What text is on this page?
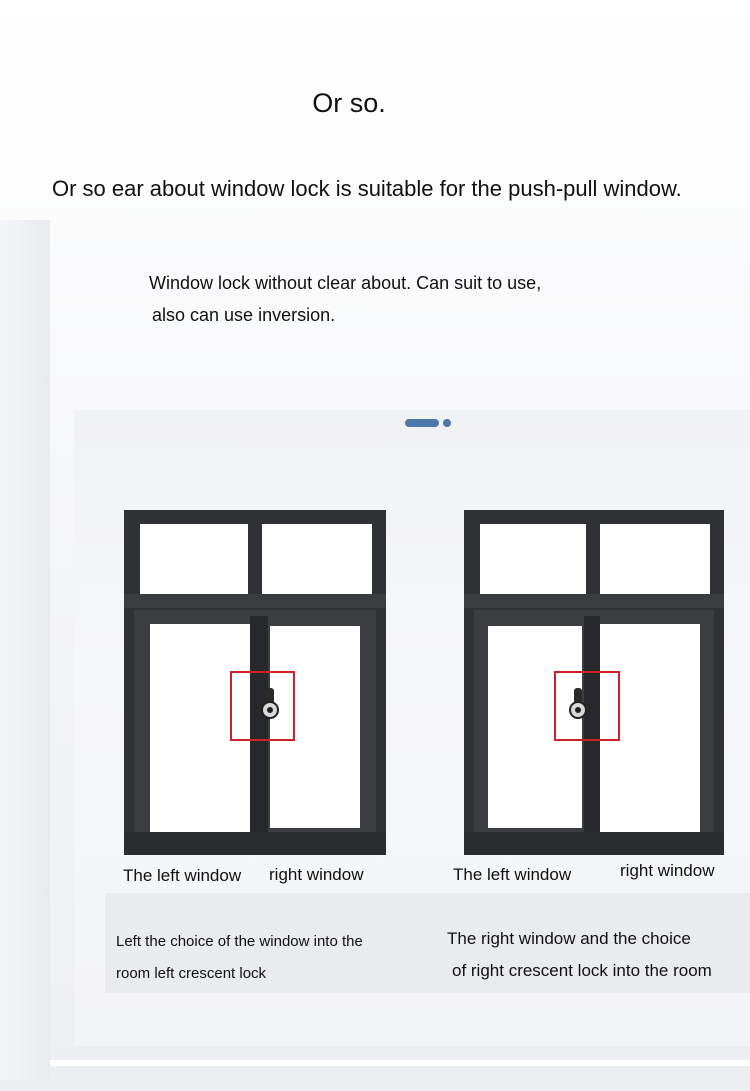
Or so.

Or so ear about window lock is suitable for the push-pull window.

Window lock without clear about. Can suit to use,
also can use inversion.
The left window right window	The left window	right window
Left the choice of the window into the
room left crescent lock
The right window and the choice
of right crescent lock into the room
